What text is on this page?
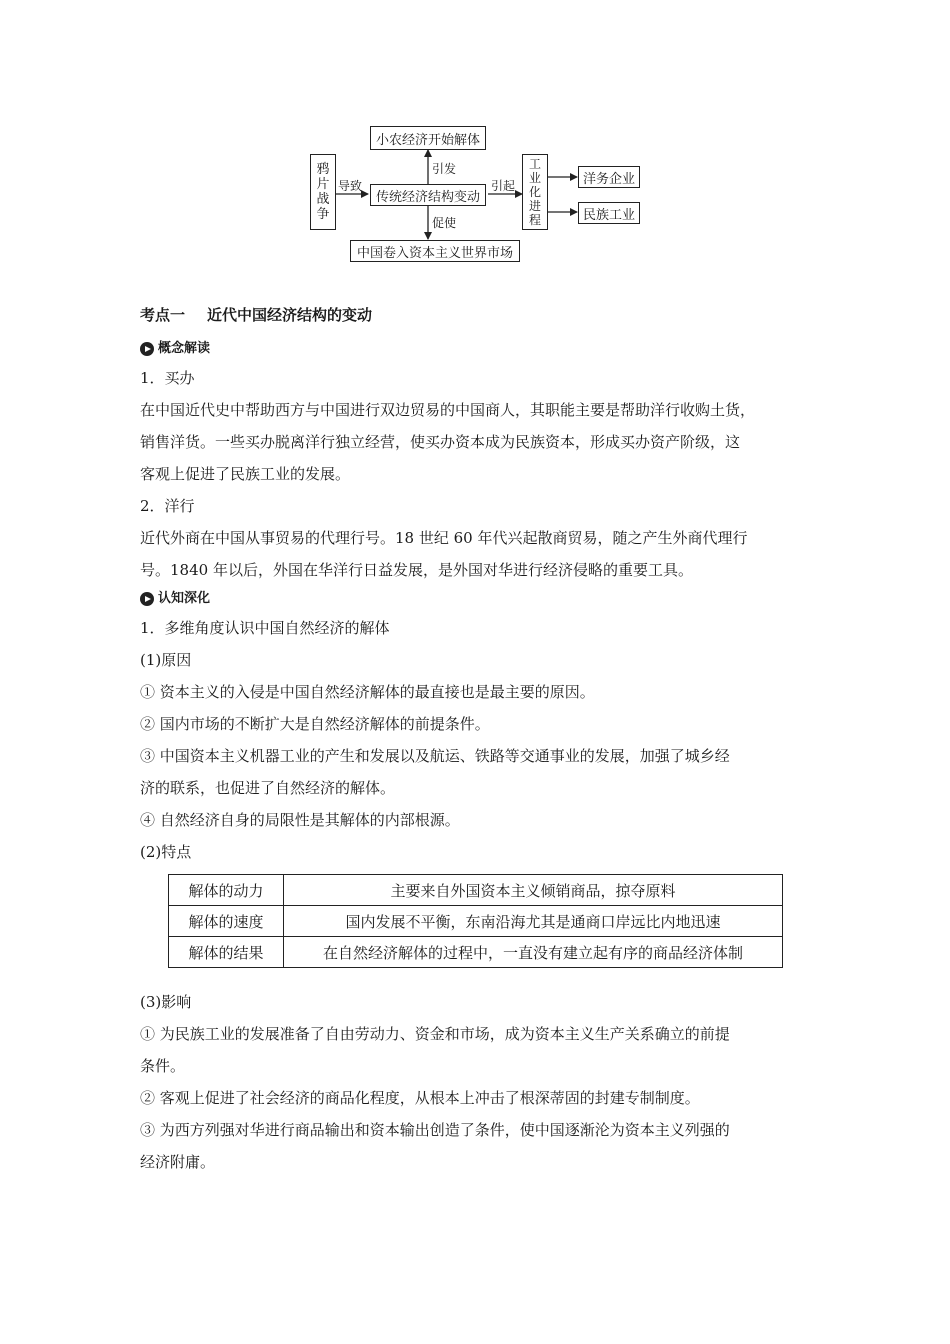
小农经济开始解体
鸦
片
战
争
传统经济结构变动
工
业
化
进
程
洋务企业
民族工业
中国卷入资本主义世界市场
导致
引发
促使
引起
考点一 近代中国经济结构的变动
概念解读

1．买办

在中国近代史中帮助西方与中国进行双边贸易的中国商人，其职能主要是帮助洋行收购土货，

销售洋货。一些买办脱离洋行独立经营，使买办资本成为民族资本，形成买办资产阶级，这

客观上促进了民族工业的发展。

2．洋行

近代外商在中国从事贸易的代理行号。18 世纪 60 年代兴起散商贸易，随之产生外商代理行

号。1840 年以后，外国在华洋行日益发展，是外国对华进行经济侵略的重要工具。

认知深化

1．多维角度认识中国自然经济的解体

(1)原因

① 资本主义的入侵是中国自然经济解体的最直接也是最主要的原因。

② 国内市场的不断扩大是自然经济解体的前提条件。

③ 中国资本主义机器工业的产生和发展以及航运、铁路等交通事业的发展，加强了城乡经

济的联系，也促进了自然经济的解体。

④ 自然经济自身的局限性是其解体的内部根源。

(2)特点

解体的动力	主要来自外国资本主义倾销商品，掠夺原料
解体的速度	国内发展不平衡，东南沿海尤其是通商口岸远比内地迅速
解体的结果	在自然经济解体的过程中，一直没有建立起有序的商品经济体制

(3)影响

① 为民族工业的发展准备了自由劳动力、资金和市场，成为资本主义生产关系确立的前提

条件。

② 客观上促进了社会经济的商品化程度，从根本上冲击了根深蒂固的封建专制制度。

③ 为西方列强对华进行商品输出和资本输出创造了条件，使中国逐渐沦为资本主义列强的

经济附庸。
